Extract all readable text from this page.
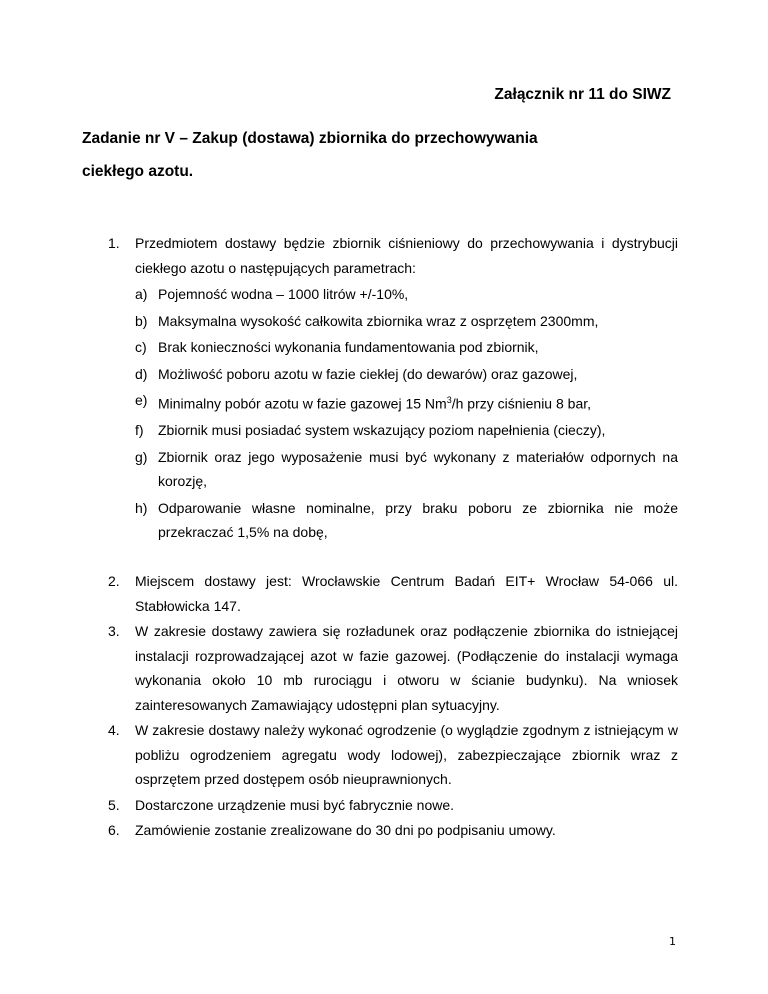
Załącznik nr 11 do SIWZ
Zadanie nr V – Zakup (dostawa) zbiornika do przechowywania
ciekłego azotu.
1. Przedmiotem dostawy będzie zbiornik ciśnieniowy do przechowywania i dystrybucji ciekłego azotu o następujących parametrach:
a) Pojemność wodna – 1000 litrów +/-10%,
b) Maksymalna wysokość całkowita zbiornika wraz z osprzętem 2300mm,
c) Brak konieczności wykonania fundamentowania pod zbiornik,
d) Możliwość poboru azotu w fazie ciekłej (do dewarów) oraz gazowej,
e) Minimalny pobór azotu w fazie gazowej 15 Nm$^3$/h przy ciśnieniu 8 bar,
f) Zbiornik musi posiadać system wskazujący poziom napełnienia (cieczy),
g) Zbiornik oraz jego wyposażenie musi być wykonany z materiałów odpornych na korozję,
h) Odparowanie własne nominalne, przy braku poboru ze zbiornika nie może przekraczać 1,5% na dobę,
2. Miejscem dostawy jest: Wrocławskie Centrum Badań EIT+ Wrocław 54-066 ul. Stabłowicka 147.
3. W zakresie dostawy zawiera się rozładunek oraz podłączenie zbiornika do istniejącej instalacji rozprowadzającej azot w fazie gazowej. (Podłączenie do instalacji wymaga wykonania około 10 mb rurociągu i otworu w ścianie budynku). Na wniosek zainteresowanych Zamawiający udostępni plan sytuacyjny.
4. W zakresie dostawy należy wykonać ogrodzenie (o wyglądzie zgodnym z istniejącym w pobliżu ogrodzeniem agregatu wody lodowej), zabezpieczające zbiornik wraz z osprzętem przed dostępem osób nieuprawnionych.
5. Dostarczone urządzenie musi być fabrycznie nowe.
6. Zamówienie zostanie zrealizowane do 30 dni po podpisaniu umowy.
1
